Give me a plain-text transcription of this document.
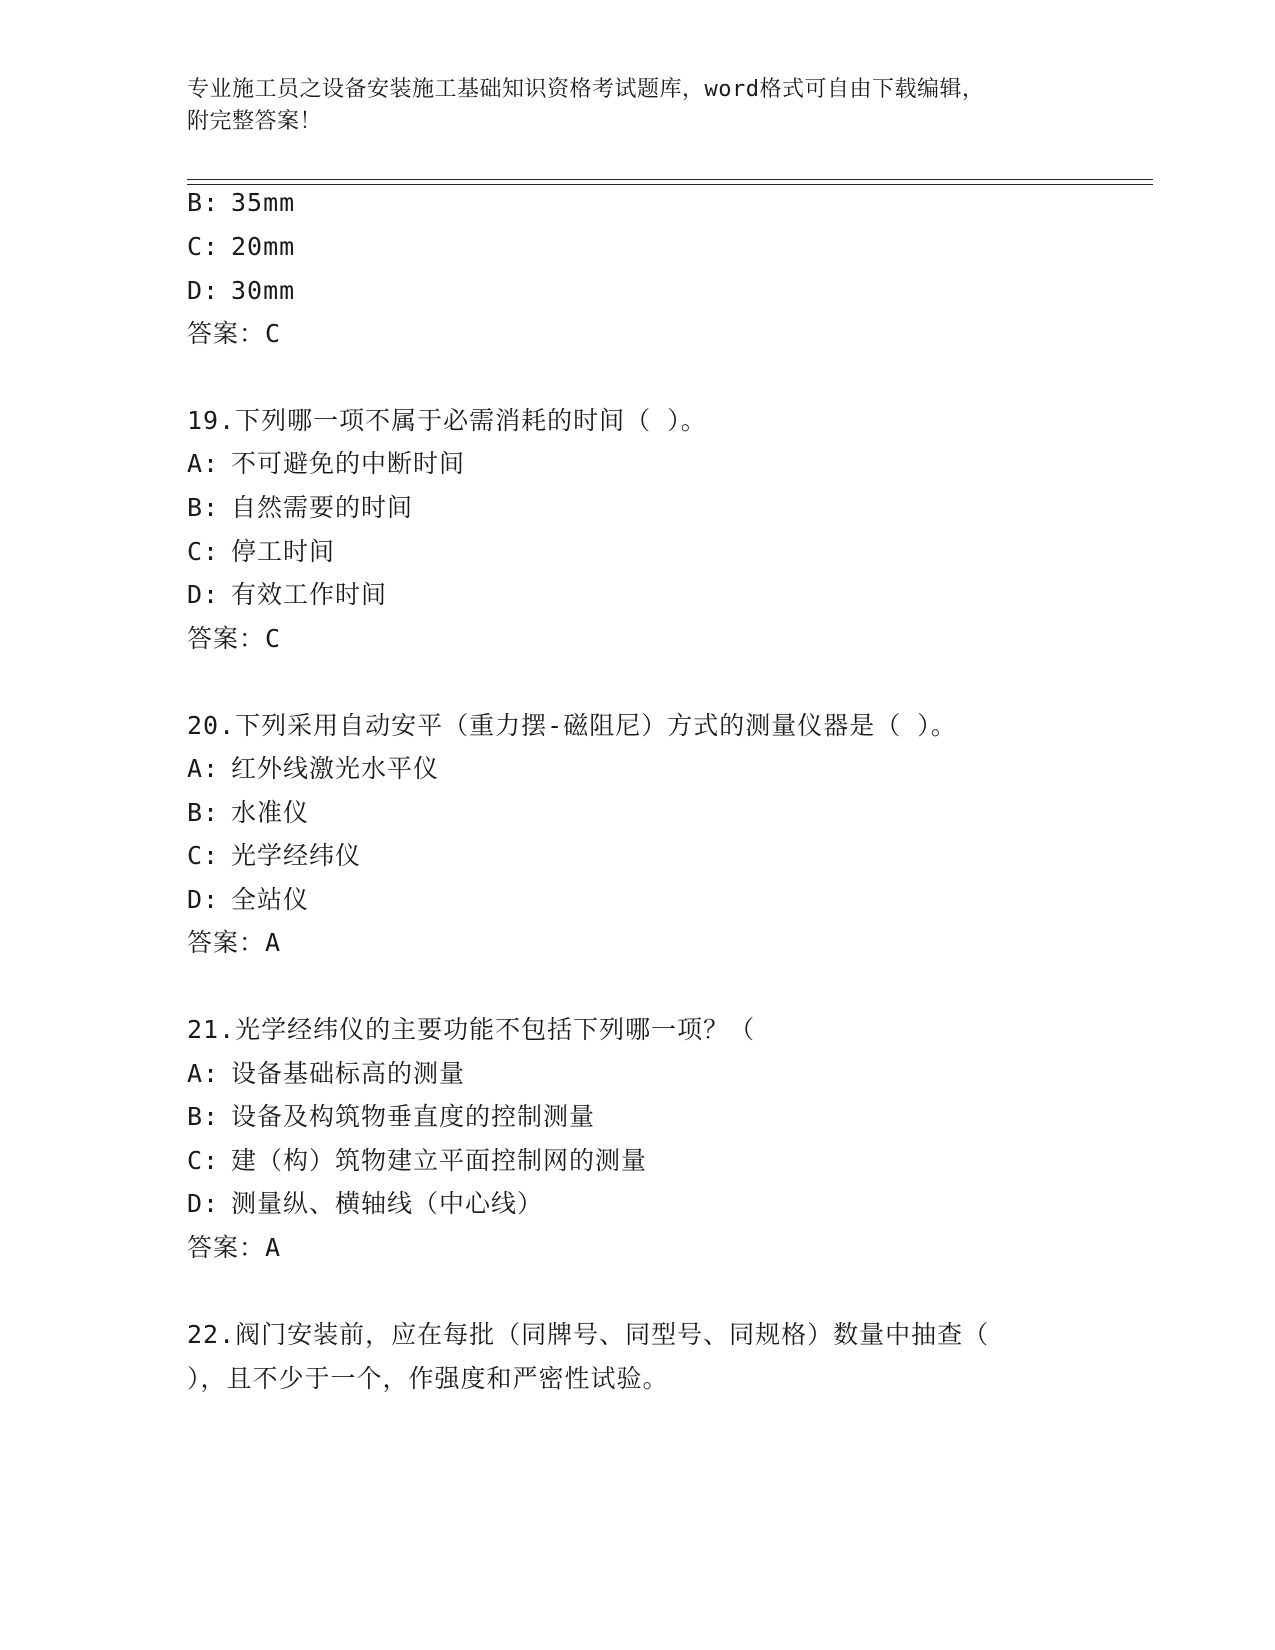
专业施工员之设备安装施工基础知识资格考试题库，word格式可自由下载编辑，
附完整答案！
B: 35mm
C: 20mm
D: 30mm
答案：C
19.下列哪一项不属于必需消耗的时间（ ）。
A: 不可避免的中断时间
B: 自然需要的时间
C: 停工时间
D: 有效工作时间
答案：C
20.下列采用自动安平（重力摆-磁阻尼）方式的测量仪器是（ ）。
A: 红外线激光水平仪
B: 水准仪
C: 光学经纬仪
D: 全站仪
答案：A
21.光学经纬仪的主要功能不包括下列哪一项？（
A: 设备基础标高的测量
B: 设备及构筑物垂直度的控制测量
C: 建（构）筑物建立平面控制网的测量
D: 测量纵、横轴线（中心线）
答案：A
22.阀门安装前，应在每批（同牌号、同型号、同规格）数量中抽查（
），且不少于一个，作强度和严密性试验。
